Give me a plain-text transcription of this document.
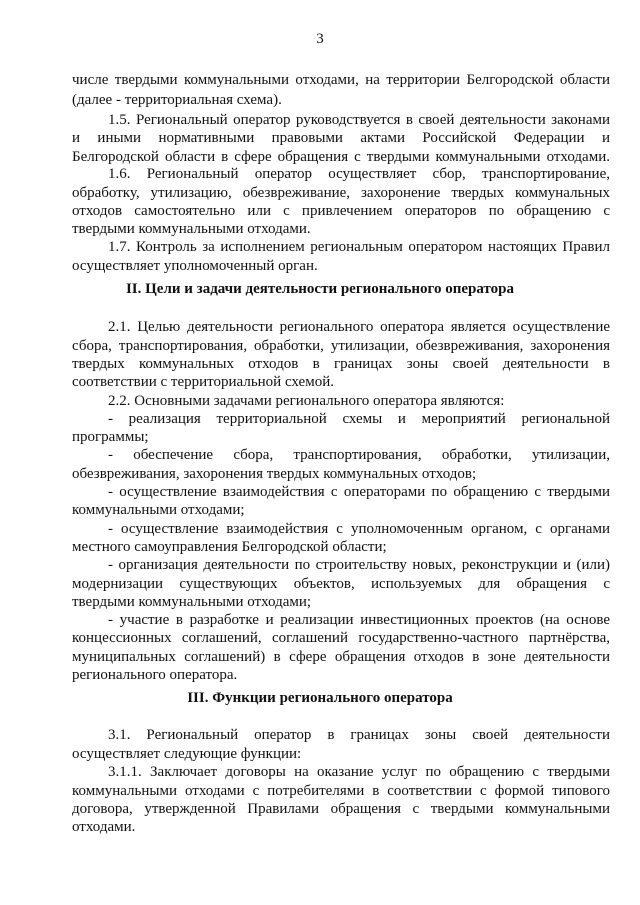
3

числе твердыми коммунальными отходами, на территории Белгородской области

(далее - территориальная схема).

1.5. Региональный оператор руководствуется в своей деятельности законами

и иными нормативными правовыми актами Российской Федерации и

Белгородской области в сфере обращения с твердыми коммунальными отходами.

1.6. Региональный оператор осуществляет сбор, транспортирование,

обработку, утилизацию, обезвреживание, захоронение твердых коммунальных

отходов самостоятельно или с привлечением операторов по обращению с

твердыми коммунальными отходами.

1.7. Контроль за исполнением региональным оператором настоящих Правил

осуществляет уполномоченный орган.

II. Цели и задачи деятельности регионального оператора

2.1. Целью деятельности регионального оператора является осуществление

сбора, транспортирования, обработки, утилизации, обезвреживания, захоронения

твердых коммунальных отходов в границах зоны своей деятельности в

соответствии с территориальной схемой.

2.2. Основными задачами регионального оператора являются:

- реализация территориальной схемы и мероприятий региональной

программы;

- обеспечение сбора, транспортирования, обработки, утилизации,

обезвреживания, захоронения твердых коммунальных отходов;

- осуществление взаимодействия с операторами по обращению с твердыми

коммунальными отходами;

- осуществление взаимодействия с уполномоченным органом, с органами

местного самоуправления Белгородской области;

- организация деятельности по строительству новых, реконструкции и (или)

модернизации существующих объектов, используемых для обращения с

твердыми коммунальными отходами;

- участие в разработке и реализации инвестиционных проектов (на основе

концессионных соглашений, соглашений государственно-частного партнёрства,

муниципальных соглашений) в сфере обращения отходов в зоне деятельности

регионального оператора.

III. Функции регионального оператора

3.1. Региональный оператор в границах зоны своей деятельности

осуществляет следующие функции:

3.1.1. Заключает договоры на оказание услуг по обращению с твердыми

коммунальными отходами с потребителями в соответствии с формой типового

договора, утвержденной Правилами обращения с твердыми коммунальными

отходами.
